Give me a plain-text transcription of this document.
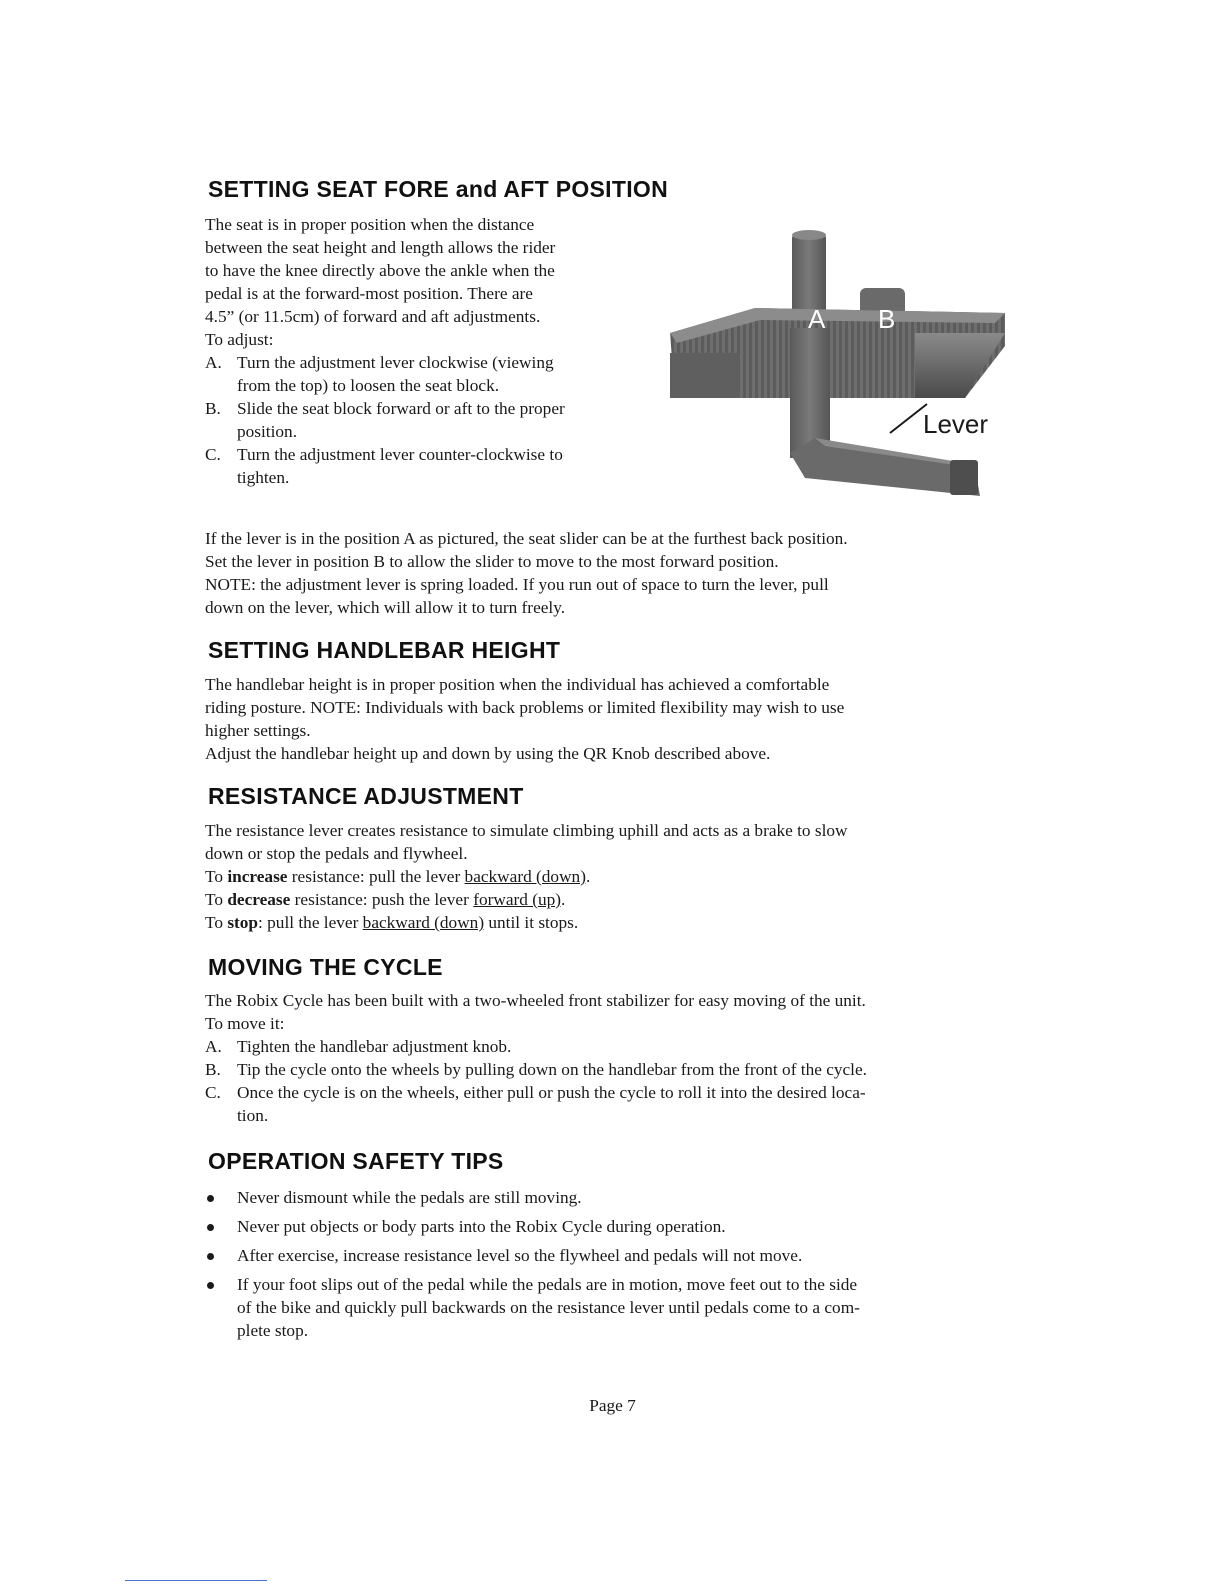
SETTING SEAT FORE and AFT POSITION

The seat is in proper position when the distance

between the seat height and length allows the rider

to have the knee directly above the ankle when the

pedal is at the forward-most position. There are

4.5” (or 11.5cm) of forward and aft adjustments.

To adjust:

A. Turn the adjustment lever clockwise (viewing
from the top) to loosen the seat block.
B. Slide the seat block forward or aft to the proper
position.
C. Turn the adjustment lever counter-clockwise to
tighten.
A B
Lever

If the lever is in the position A as pictured, the seat slider can be at the furthest back position.

Set the lever in position B to allow the slider to move to the most forward position.

NOTE: the adjustment lever is spring loaded. If you run out of space to turn the lever, pull

down on the lever, which will allow it to turn freely.

SETTING HANDLEBAR HEIGHT

The handlebar height is in proper position when the individual has achieved a comfortable

riding posture. NOTE: Individuals with back problems or limited flexibility may wish to use

higher settings.

Adjust the handlebar height up and down by using the QR Knob described above.

RESISTANCE ADJUSTMENT

The resistance lever creates resistance to simulate climbing uphill and acts as a brake to slow

down or stop the pedals and flywheel.

To increase resistance: pull the lever backward (down).

To decrease resistance: push the lever forward (up).

To stop: pull the lever backward (down) until it stops.

MOVING THE CYCLE

The Robix Cycle has been built with a two-wheeled front stabilizer for easy moving of the unit.

To move it:

A. Tighten the handlebar adjustment knob.
B. Tip the cycle onto the wheels by pulling down on the handlebar from the front of the cycle.
C. Once the cycle is on the wheels, either pull or push the cycle to roll it into the desired loca-
tion.
OPERATION SAFETY TIPS
Never dismount while the pedals are still moving.
Never put objects or body parts into the Robix Cycle during operation.
After exercise, increase resistance level so the flywheel and pedals will not move.
If your foot slips out of the pedal while the pedals are in motion, move feet out to the side
of the bike and quickly pull backwards on the resistance lever until pedals come to a com-
plete stop.
Page 7
